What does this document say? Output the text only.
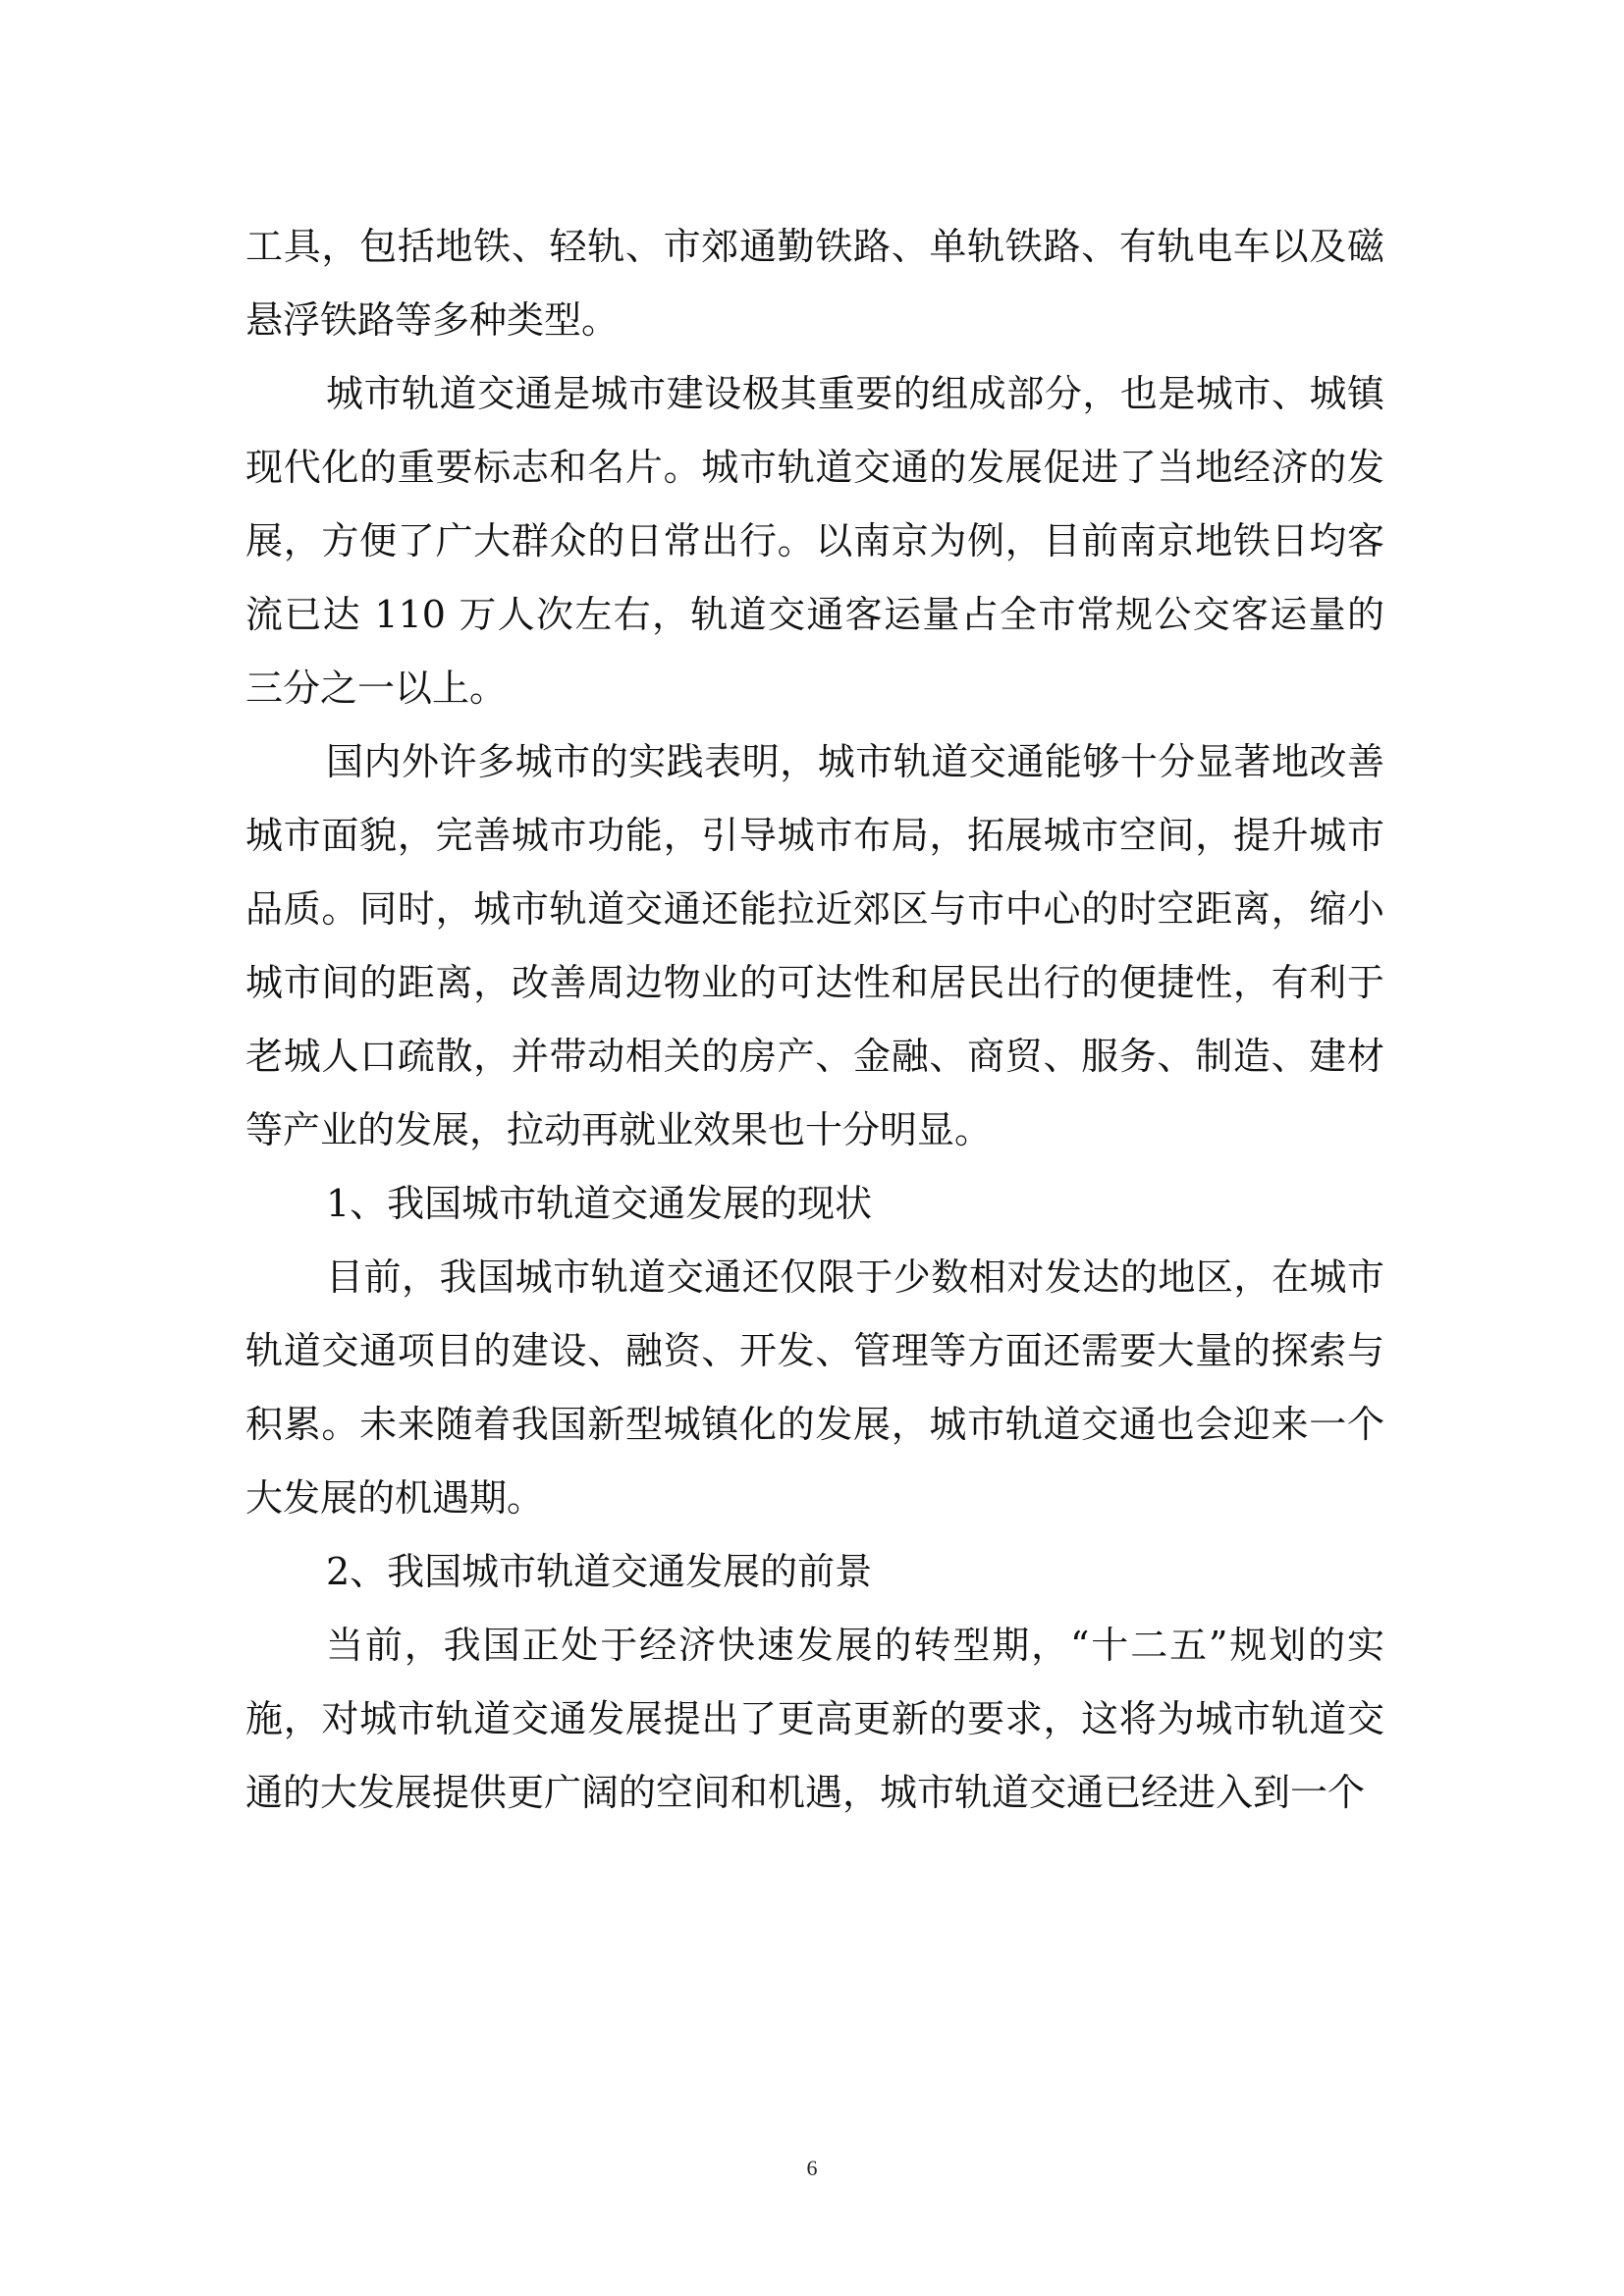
工具，包括地铁、轻轨、市郊通勤铁路、单轨铁路、有轨电车以及磁悬浮铁路等多种类型。

城市轨道交通是城市建设极其重要的组成部分，也是城市、城镇现代化的重要标志和名片。城市轨道交通的发展促进了当地经济的发展，方便了广大群众的日常出行。以南京为例，目前南京地铁日均客流已达 110 万人次左右，轨道交通客运量占全市常规公交客运量的三分之一以上。

国内外许多城市的实践表明，城市轨道交通能够十分显著地改善城市面貌，完善城市功能，引导城市布局，拓展城市空间，提升城市品质。同时，城市轨道交通还能拉近郊区与市中心的时空距离，缩小城市间的距离，改善周边物业的可达性和居民出行的便捷性，有利于老城人口疏散，并带动相关的房产、金融、商贸、服务、制造、建材等产业的发展，拉动再就业效果也十分明显。

1、我国城市轨道交通发展的现状

目前，我国城市轨道交通还仅限于少数相对发达的地区，在城市轨道交通项目的建设、融资、开发、管理等方面还需要大量的探索与积累。未来随着我国新型城镇化的发展，城市轨道交通也会迎来一个大发展的机遇期。

2、我国城市轨道交通发展的前景

当前，我国正处于经济快速发展的转型期，“十二五”规划的实施，对城市轨道交通发展提出了更高更新的要求，这将为城市轨道交通的大发展提供更广阔的空间和机遇，城市轨道交通已经进入到一个

6
